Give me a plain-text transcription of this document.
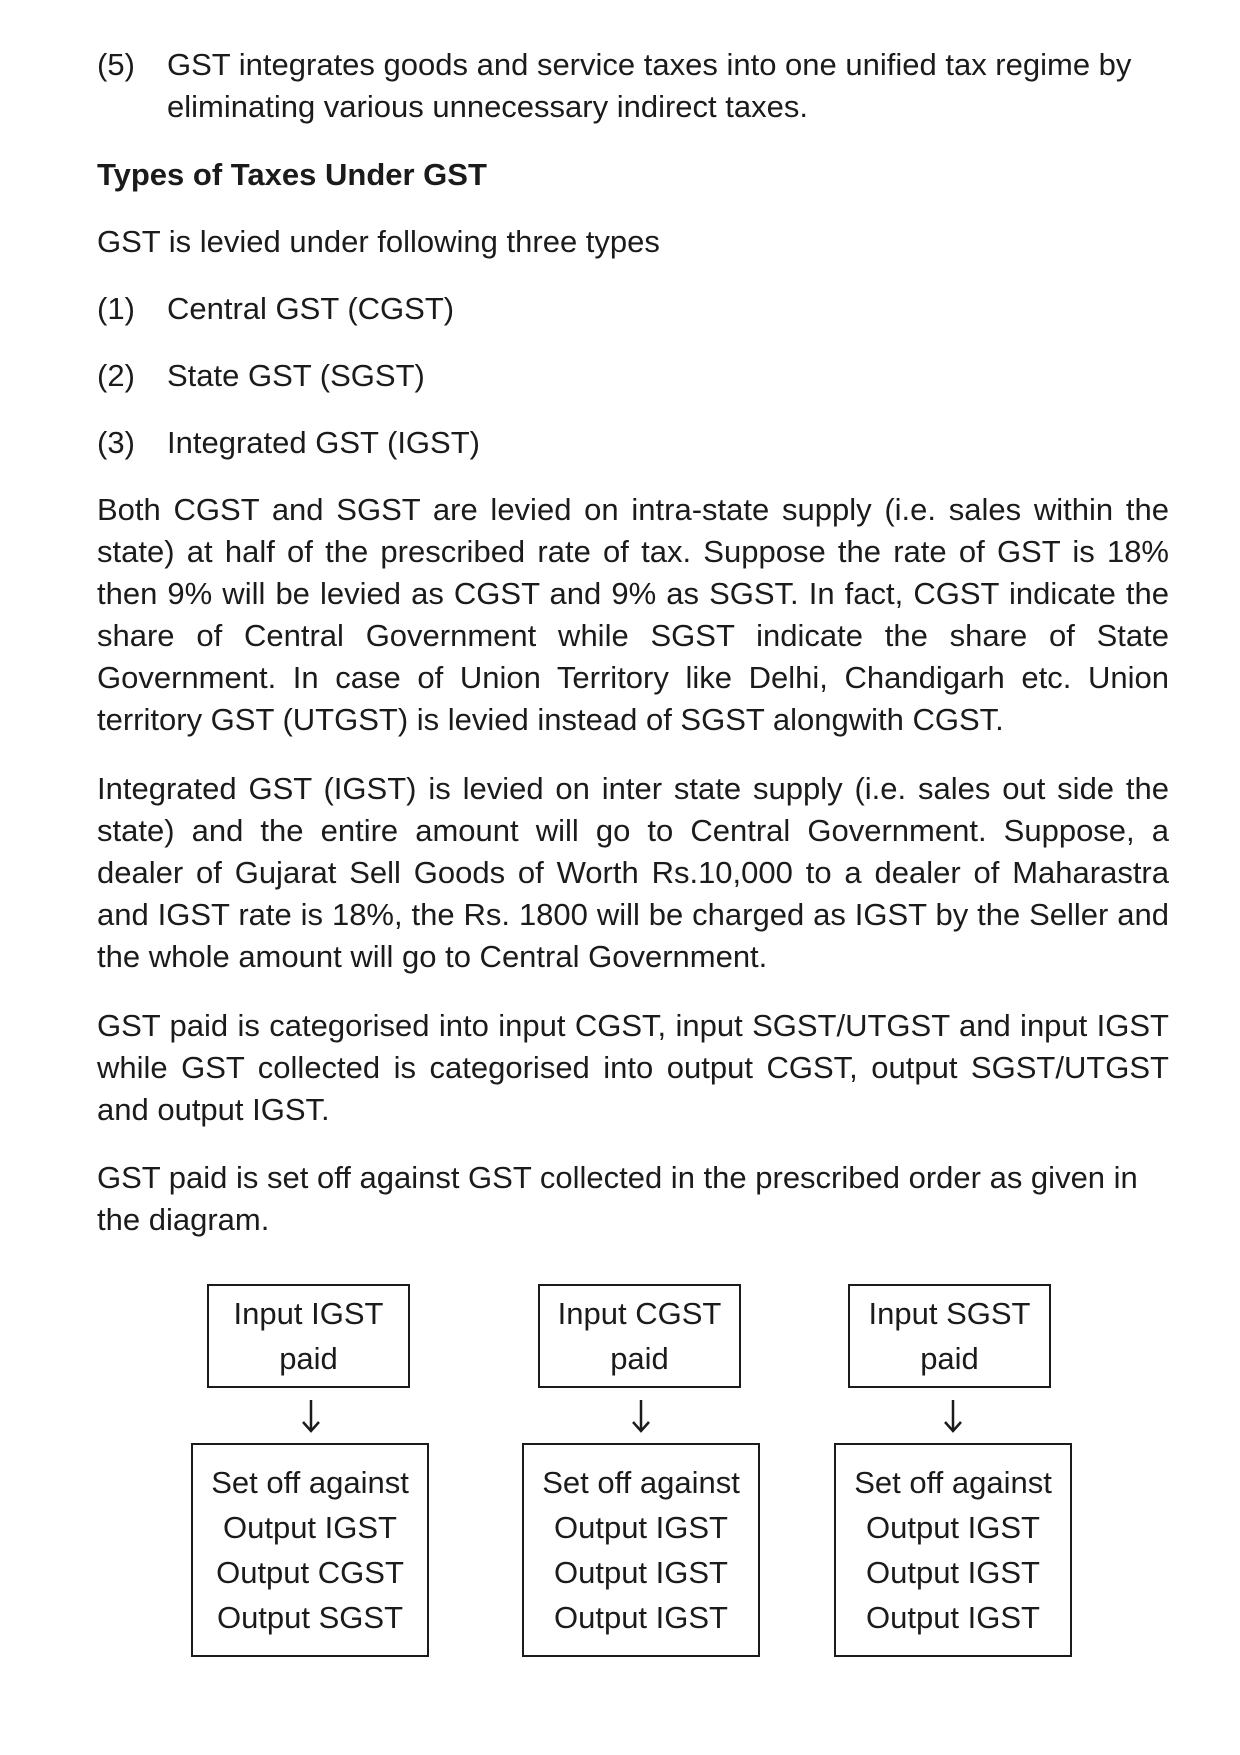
(5) GST integrates goods and service taxes into one unified tax regime by eliminating various unnecessary indirect taxes.
Types of Taxes Under GST
GST is levied under following three types
(1) Central GST (CGST)
(2) State GST (SGST)
(3) Integrated GST (IGST)

Both CGST and SGST are levied on intra-state supply (i.e. sales within the state) at half of the prescribed rate of tax. Suppose the rate of GST is 18% then 9% will be levied as CGST and 9% as SGST. In fact, CGST indicate the share of Central Government while SGST indicate the share of State Government. In case of Union Territory like Delhi, Chandigarh etc. Union territory GST (UTGST) is levied instead of SGST alongwith CGST.

Integrated GST (IGST) is levied on inter state supply (i.e. sales out side the state) and the entire amount will go to Central Government. Suppose, a dealer of Gujarat Sell Goods of Worth Rs.10,000 to a dealer of Maharastra and IGST rate is 18%, the Rs. 1800 will be charged as IGST by the Seller and the whole amount will go to Central Government.

GST paid is categorised into input CGST, input SGST/UTGST and input IGST while GST collected is categorised into output CGST, output SGST/UTGST and output IGST.

GST paid is set off against GST collected in the prescribed order as given in the diagram.

Input IGST
paid
Set off against
Output IGST
Output CGST
Output SGST
Input CGST
paid
Set off against
Output IGST
Output IGST
Output IGST
Input SGST
paid
Set off against
Output IGST
Output IGST
Output IGST
